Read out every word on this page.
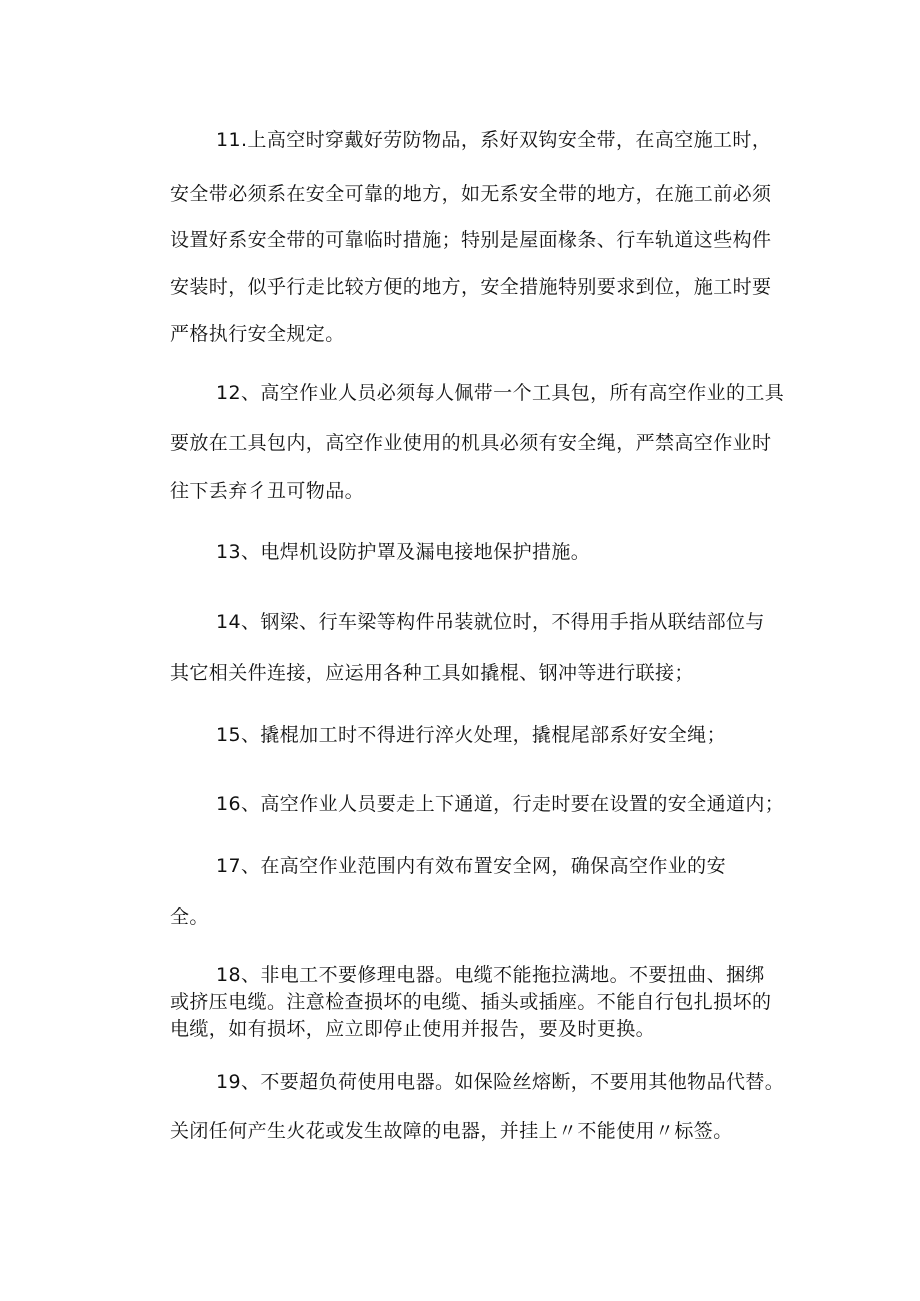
11.上高空时穿戴好劳防物品，系好双钩安全带，在高空施工时，
安全带必须系在安全可靠的地方，如无系安全带的地方，在施工前必须
设置好系安全带的可靠临时措施；特别是屋面椽条、行车轨道这些构件
安装时，似乎行走比较方便的地方，安全措施特别要求到位，施工时要
严格执行安全规定。
12、高空作业人员必须每人佩带一个工具包，所有高空作业的工具
要放在工具包内，高空作业使用的机具必须有安全绳，严禁高空作业时
往下丢弃彳丑可物品。
13、电焊机设防护罩及漏电接地保护措施。
14、钢梁、行车梁等构件吊装就位时，不得用手指从联结部位与
其它相关件连接，应运用各种工具如撬棍、钢冲等进行联接；
15、撬棍加工时不得进行淬火处理，撬棍尾部系好安全绳；
16、高空作业人员要走上下通道，行走时要在设置的安全通道内；
17、在高空作业范围内有效布置安全网，确保高空作业的安
全。
18、非电工不要修理电器。电缆不能拖拉满地。不要扭曲、捆绑
或挤压电缆。注意检查损坏的电缆、插头或插座。不能自行包扎损坏的
电缆，如有损坏，应立即停止使用并报告，要及时更换。
19、不要超负荷使用电器。如保险丝熔断，不要用其他物品代替。
关闭任何产生火花或发生故障的电器，并挂上〃不能使用〃标签。
